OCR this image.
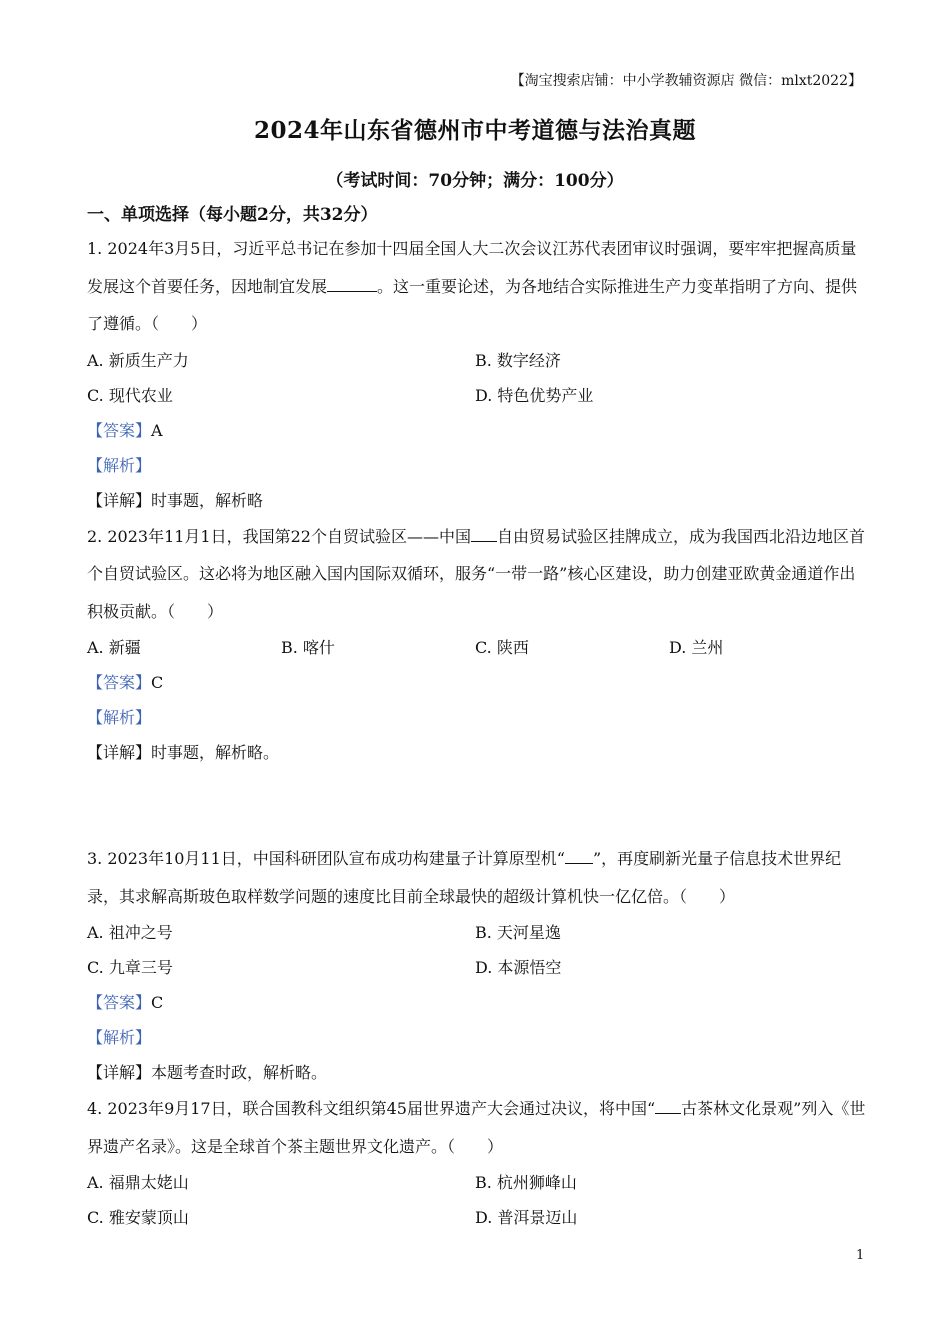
【淘宝搜索店铺：中小学教辅资源店 微信：mlxt2022】
2024年山东省德州市中考道德与法治真题
（考试时间：70分钟；满分：100分）
一、单项选择（每小题2分，共32分）
1. 2024年3月5日，习近平总书记在参加十四届全国人大二次会议江苏代表团审议时强调，要牢牢把握高质量发展这个首要任务，因地制宜发展	。这一重要论述，为各地结合实际推进生产力变革指明了方向、提供了遵循。（　　）
A. 新质生产力	B. 数字经济
C. 现代农业	D. 特色优势产业
【答案】A
【解析】
【详解】时事题，解析略
2. 2023年11月1日，我国第22个自贸试验区——中国 自由贸易试验区挂牌成立，成为我国西北沿边地区首个自贸试验区。这必将为地区融入国内国际双循环，服务“一带一路”核心区建设，助力创建亚欧黄金通道作出积极贡献。（　　）
A. 新疆	B. 喀什	C. 陕西	D. 兰州
【答案】C
【解析】
【详解】时事题，解析略。
3. 2023年10月11日，中国科研团队宣布成功构建量子计算原型机“ ”，再度刷新光量子信息技术世界纪录，其求解高斯玻色取样数学问题的速度比目前全球最快的超级计算机快一亿亿倍。（　　）
A. 祖冲之号	B. 天河星逸
C. 九章三号	D. 本源悟空
【答案】C
【解析】
【详解】本题考查时政，解析略。
4. 2023年9月17日，联合国教科文组织第45届世界遗产大会通过决议，将中国“ 古茶林文化景观”列入《世界遗产名录》。这是全球首个茶主题世界文化遗产。（　　）
A. 福鼎太姥山	B. 杭州狮峰山
C. 雅安蒙顶山	D. 普洱景迈山
1
